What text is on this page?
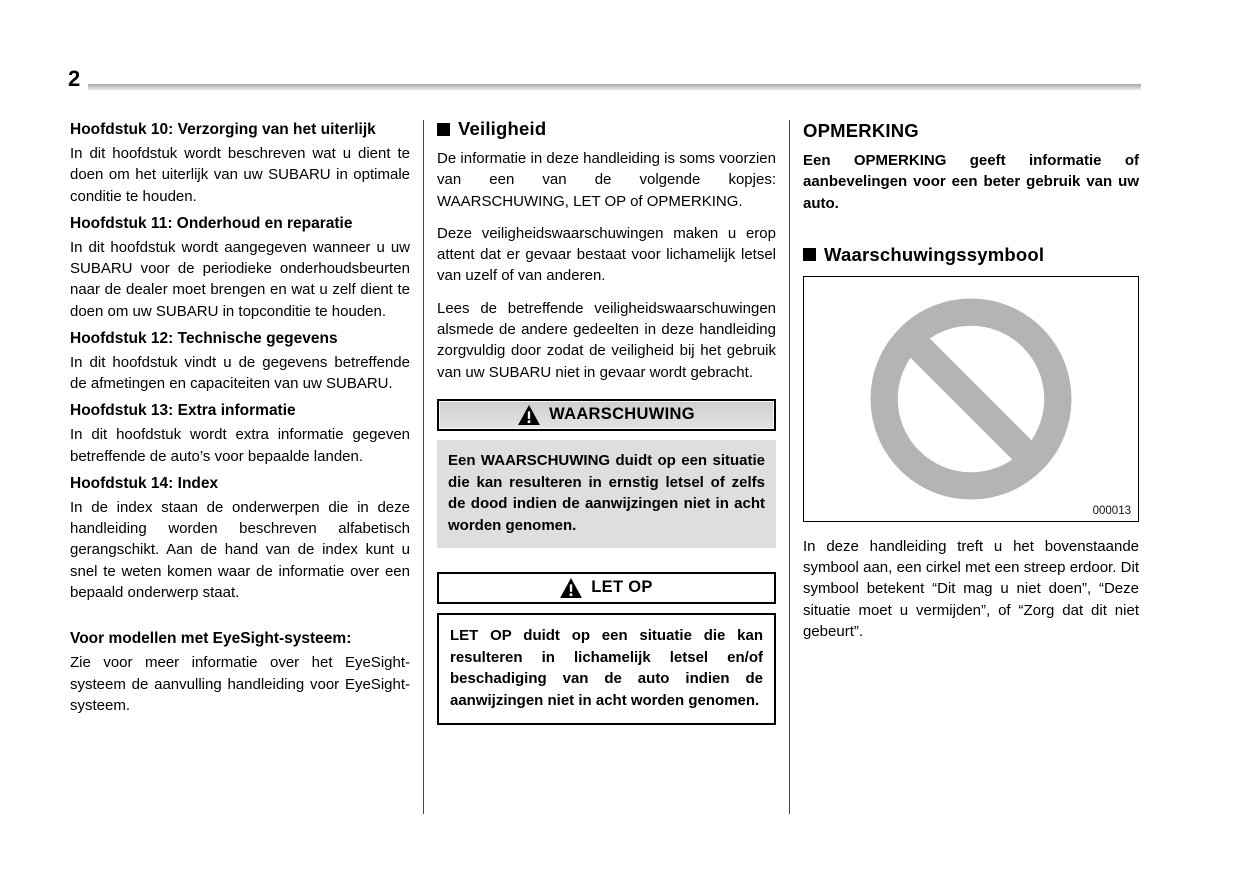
2
Hoofdstuk 10: Verzorging van het uiterlijk

In dit hoofdstuk wordt beschreven wat u dient te doen om het uiterlijk van uw SUBARU in optimale conditie te houden.

Hoofdstuk 11: Onderhoud en reparatie

In dit hoofdstuk wordt aangegeven wanneer u uw SUBARU voor de periodieke onderhoudsbeurten naar de dealer moet brengen en wat u zelf dient te doen om uw SUBARU in topconditie te houden.

Hoofdstuk 12: Technische gegevens

In dit hoofdstuk vindt u de gegevens betreffende de afmetingen en capaciteiten van uw SUBARU.

Hoofdstuk 13: Extra informatie

In dit hoofdstuk wordt extra informatie gegeven betreffende de auto’s voor bepaalde landen.

Hoofdstuk 14: Index

In de index staan de onderwerpen die in deze handleiding worden beschreven alfabetisch gerangschikt. Aan de hand van de index kunt u snel te weten komen waar de informatie over een bepaald onderwerp staat.

Voor modellen met EyeSight-systeem:

Zie voor meer informatie over het EyeSight-systeem de aanvulling handleiding voor EyeSight-systeem.

Veiligheid

De informatie in deze handleiding is soms voorzien van een van de volgende kopjes: WAARSCHUWING, LET OP of OPMERKING.

Deze veiligheidswaarschuwingen maken u erop attent dat er gevaar bestaat voor lichamelijk letsel van uzelf of van anderen.

Lees de betreffende veiligheidswaarschuwingen alsmede de andere gedeelten in deze handleiding zorgvuldig door zodat de veiligheid bij het gebruik van uw SUBARU niet in gevaar wordt gebracht.

WAARSCHUWING
Een WAARSCHUWING duidt op een situatie die kan resulteren in ernstig letsel of zelfs de dood indien de aanwijzingen niet in acht worden genomen.
LET OP
LET OP duidt op een situatie die kan resulteren in lichamelijk letsel en/of beschadiging van de auto indien de aanwijzingen niet in acht worden genomen.
OPMERKING

Een OPMERKING geeft informatie of aanbevelingen voor een beter gebruik van uw auto.

Waarschuwingssymbool
000013

In deze handleiding treft u het bovenstaande symbool aan, een cirkel met een streep erdoor. Dit symbool betekent “Dit mag u niet doen”, “Deze situatie moet u vermijden”, of “Zorg dat dit niet gebeurt”.
